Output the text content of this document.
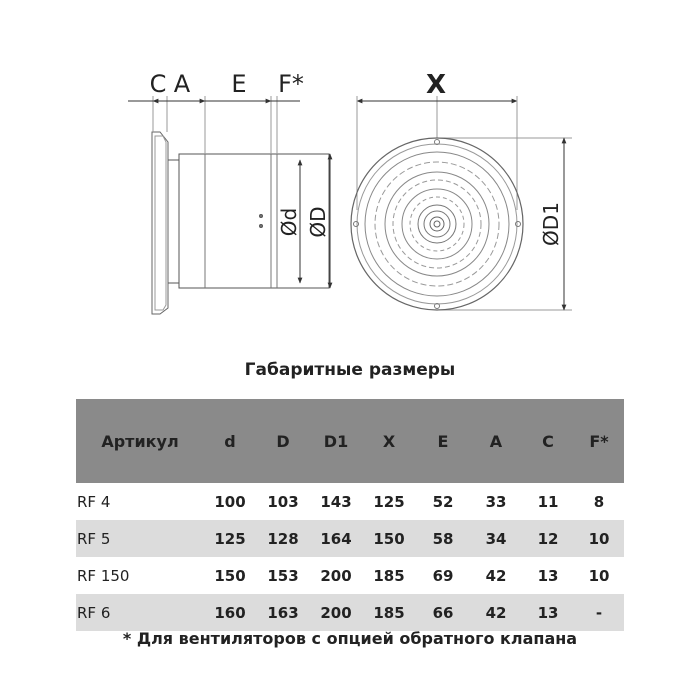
C A E F*	X
Ød ØD	ØD1
Габаритные размеры
Артикул	d	D	D1	X	E	A	C	F*
RF 4	100	103	143	125	52	33	11	8
RF 5	125	128	164	150	58	34	12	10
RF 150	150	153	200	185	69	42	13	10
RF 6	160	163	200	185	66	42	13	-
* Для вентиляторов с опцией обратного клапана
